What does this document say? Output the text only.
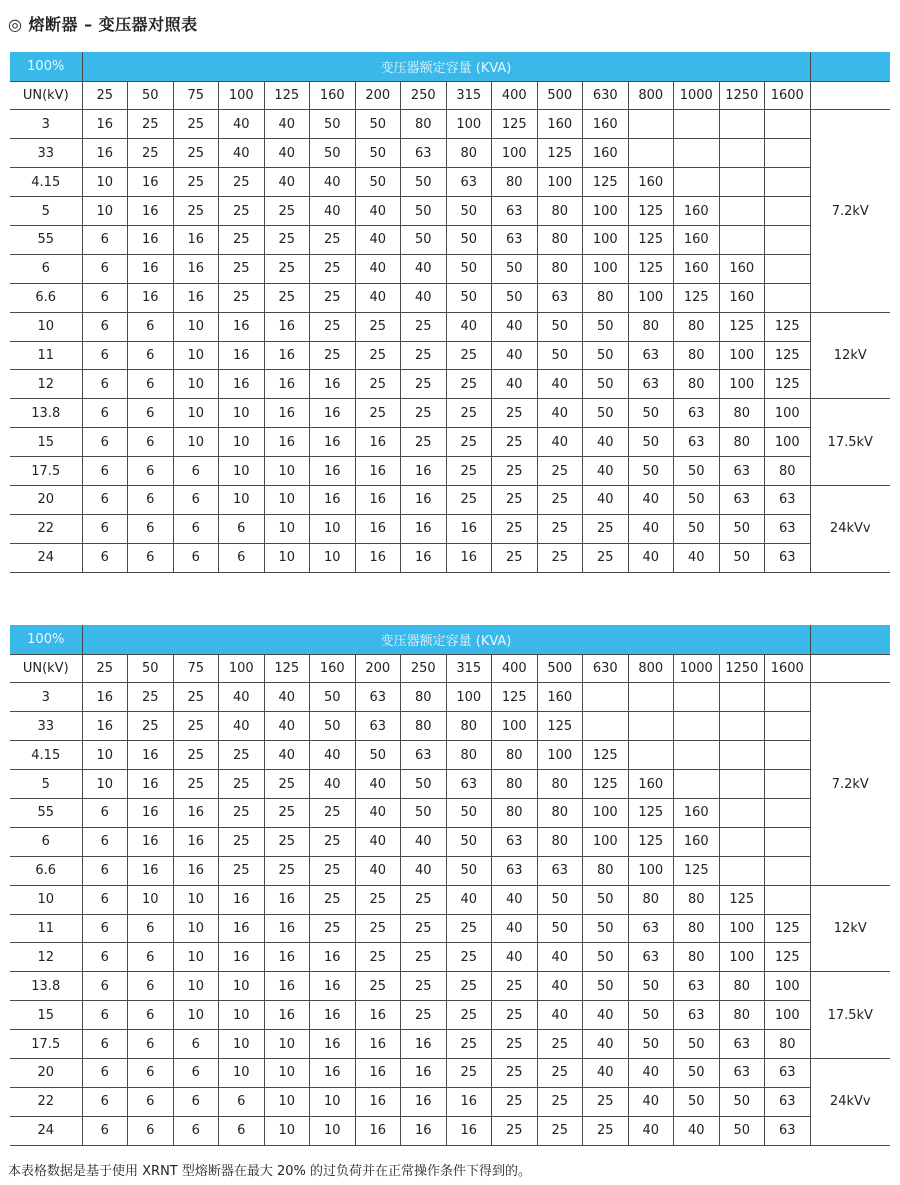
◎ 熔断器 – 变压器对照表
100%	变压器额定容量 (KVA)																
UN(kV)	25	50	75	100	125	160	200	250	315	400	500	630	800	1000	1250	1600	
3	16	25	25	40	40	50	50	80	100	125	160	160					7.2kV
33	16	25	25	40	40	50	50	63	80	100	125	160					
4.15	10	16	25	25	40	40	50	50	63	80	100	125	160				
5	10	16	25	25	25	40	40	50	50	63	80	100	125	160			
55	6	16	16	25	25	25	40	50	50	63	80	100	125	160			
6	6	16	16	25	25	25	40	40	50	50	80	100	125	160	160		
6.6	6	16	16	25	25	25	40	40	50	50	63	80	100	125	160		
10	6	6	10	16	16	25	25	25	40	40	50	50	80	80	125	125	12kV
11	6	6	10	16	16	25	25	25	25	40	50	50	63	80	100	125	
12	6	6	10	16	16	16	25	25	25	40	40	50	63	80	100	125	
13.8	6	6	10	10	16	16	25	25	25	25	40	50	50	63	80	100	17.5kV
15	6	6	10	10	16	16	16	25	25	25	40	40	50	63	80	100	
17.5	6	6	6	10	10	16	16	16	25	25	25	40	50	50	63	80	
20	6	6	6	10	10	16	16	16	25	25	25	40	40	50	63	63	24kVv
22	6	6	6	6	10	10	16	16	16	25	25	25	40	50	50	63	
24	6	6	6	6	10	10	16	16	16	25	25	25	40	40	50	63	
100%	变压器额定容量 (KVA)																
UN(kV)	25	50	75	100	125	160	200	250	315	400	500	630	800	1000	1250	1600	
3	16	25	25	40	40	50	63	80	100	125	160						7.2kV
33	16	25	25	40	40	50	63	80	80	100	125						
4.15	10	16	25	25	40	40	50	63	80	80	100	125					
5	10	16	25	25	25	40	40	50	63	80	80	125	160				
55	6	16	16	25	25	25	40	50	50	80	80	100	125	160			
6	6	16	16	25	25	25	40	40	50	63	80	100	125	160			
6.6	6	16	16	25	25	25	40	40	50	63	63	80	100	125			
10	6	10	10	16	16	25	25	25	40	40	50	50	80	80	125		12kV
11	6	6	10	16	16	25	25	25	25	40	50	50	63	80	100	125	
12	6	6	10	16	16	16	25	25	25	40	40	50	63	80	100	125	
13.8	6	6	10	10	16	16	25	25	25	25	40	50	50	63	80	100	17.5kV
15	6	6	10	10	16	16	16	25	25	25	40	40	50	63	80	100	
17.5	6	6	6	10	10	16	16	16	25	25	25	40	50	50	63	80	
20	6	6	6	10	10	16	16	16	25	25	25	40	40	50	63	63	24kVv
22	6	6	6	6	10	10	16	16	16	25	25	25	40	50	50	63	
24	6	6	6	6	10	10	16	16	16	25	25	25	40	40	50	63	
本表格数据是基于使用 XRNT 型熔断器在最大 20% 的过负荷并在正常操作条件下得到的。
